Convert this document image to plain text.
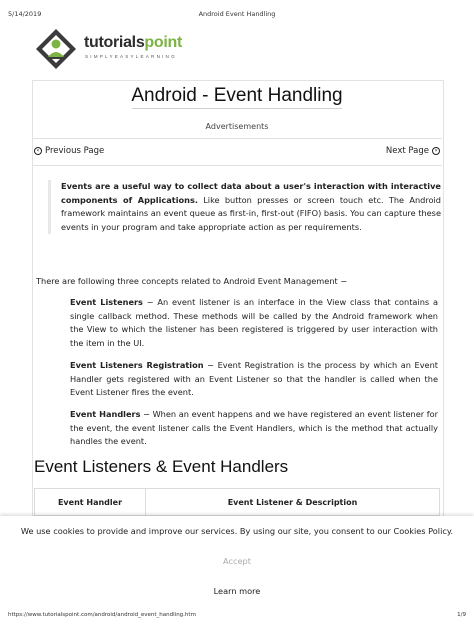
5/14/2019	Android Event Handling
tutorialspoint
SIMPLYEASYLEARNING
Android - Event Handling
Advertisements
‹ Previous Page	Next Page ›
Events are a useful way to collect data about a user's interaction with interactive components of Applications. Like button presses or screen touch etc. The Android framework maintains an event queue as first-in, first-out (FIFO) basis. You can capture these events in your program and take appropriate action as per requirements.
There are following three concepts related to Android Event Management −
Event Listeners − An event listener is an interface in the View class that contains a single callback method. These methods will be called by the Android framework when the View to which the listener has been registered is triggered by user interaction with the item in the UI.
Event Listeners Registration − Event Registration is the process by which an Event Handler gets registered with an Event Listener so that the handler is called when the Event Listener fires the event.
Event Handlers − When an event happens and we have registered an event listener for the event, the event listener calls the Event Handlers, which is the method that actually handles the event.
Event Listeners & Event Handlers
Event Handler	Event Listener & Description
We use cookies to provide and improve our services. By using our site, you consent to our Cookies Policy.
Accept
Learn more
https://www.tutorialspoint.com/android/android_event_handling.htm	1/9
